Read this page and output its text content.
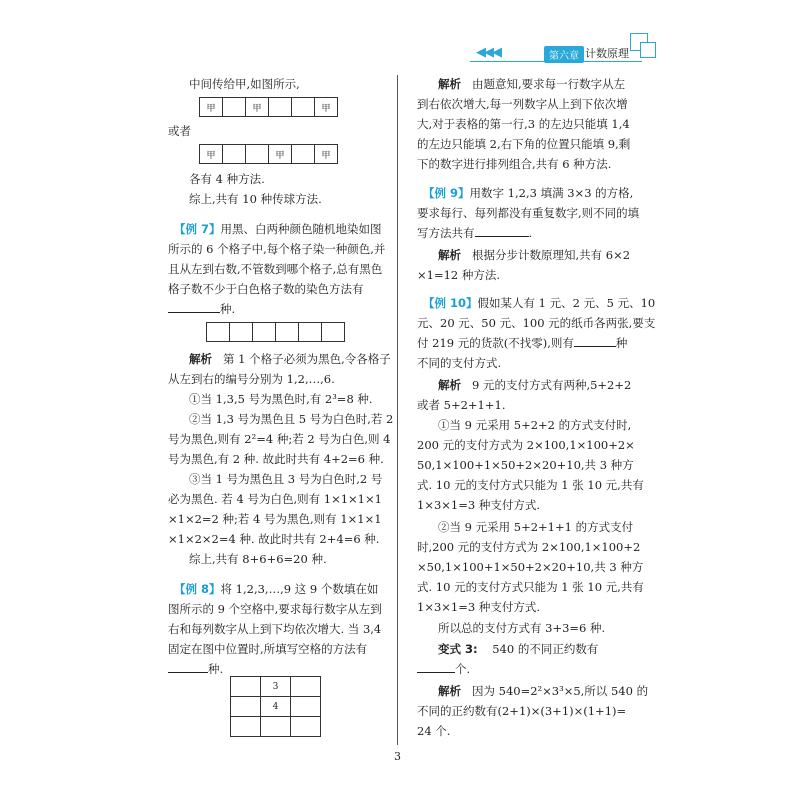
◀◀◀	第六章 计数原理

中间传给甲,如图所示,

甲		甲			甲

或者

甲			甲		甲

各有 4 种方法.

综上,共有 10 种传球方法.

【例 7】用黑、白两种颜色随机地染如图

所示的 6 个格子中,每个格子染一种颜色,并

且从左到右数,不管数到哪个格子,总有黑色

格子数不少于白色格子数的染色方法有

种.

解析 第 1 个格子必须为黑色,令各格子

从左到右的编号分别为 1,2,…,6.

①当 1,3,5 号为黑色时,有 2³=8 种.

②当 1,3 号为黑色且 5 号为白色时,若 2

号为黑色,则有 2²=4 种;若 2 号为白色,则 4

号为黑色,有 2 种. 故此时共有 4+2=6 种.

③当 1 号为黑色且 3 号为白色时,2 号

必为黑色. 若 4 号为白色,则有 1×1×1×1

×1×2=2 种;若 4 号为黑色,则有 1×1×1

×1×2×2=4 种. 故此时共有 2+4=6 种.

综上,共有 8+6+6=20 种.

【例 8】将 1,2,3,…,9 这 9 个数填在如

图所示的 9 个空格中,要求每行数字从左到

右和每列数字从上到下均依次增大. 当 3,4

固定在图中位置时,所填写空格的方法有

种.

	3	
	4	

解析 由题意知,要求每一行数字从左

到右依次增大,每一列数字从上到下依次增

大,对于表格的第一行,3 的左边只能填 1,4

的左边只能填 2,右下角的位置只能填 9,剩

下的数字进行排列组合,共有 6 种方法.

【例 9】用数字 1,2,3 填满 3×3 的方格,

要求每行、每列都没有重复数字,则不同的填

写方法共有	.

解析 根据分步计数原理知,共有 6×2

×1=12 种方法.

【例 10】假如某人有 1 元、2 元、5 元、10

元、20 元、50 元、100 元的纸币各两张,要支

付 219 元的货款(不找零),则有	种

不同的支付方式.

解析 9 元的支付方式有两种,5+2+2

或者 5+2+1+1.

①当 9 元采用 5+2+2 的方式支付时,

200 元的支付方式为 2×100,1×100+2×

50,1×100+1×50+2×20+10,共 3 种方

式. 10 元的支付方式只能为 1 张 10 元,共有

1×3×1=3 种支付方式.

②当 9 元采用 5+2+1+1 的方式支付

时,200 元的支付方式为 2×100,1×100+2

×50,1×100+1×50+2×20+10,共 3 种方

式. 10 元的支付方式只能为 1 张 10 元,共有

1×3×1=3 种支付方式.

所以总的支付方式有 3+3=6 种.

变式 3: 540 的不同正约数有

个.

解析 因为 540=2²×3³×5,所以 540 的

不同的正约数有(2+1)×(3+1)×(1+1)=

24 个.

3
